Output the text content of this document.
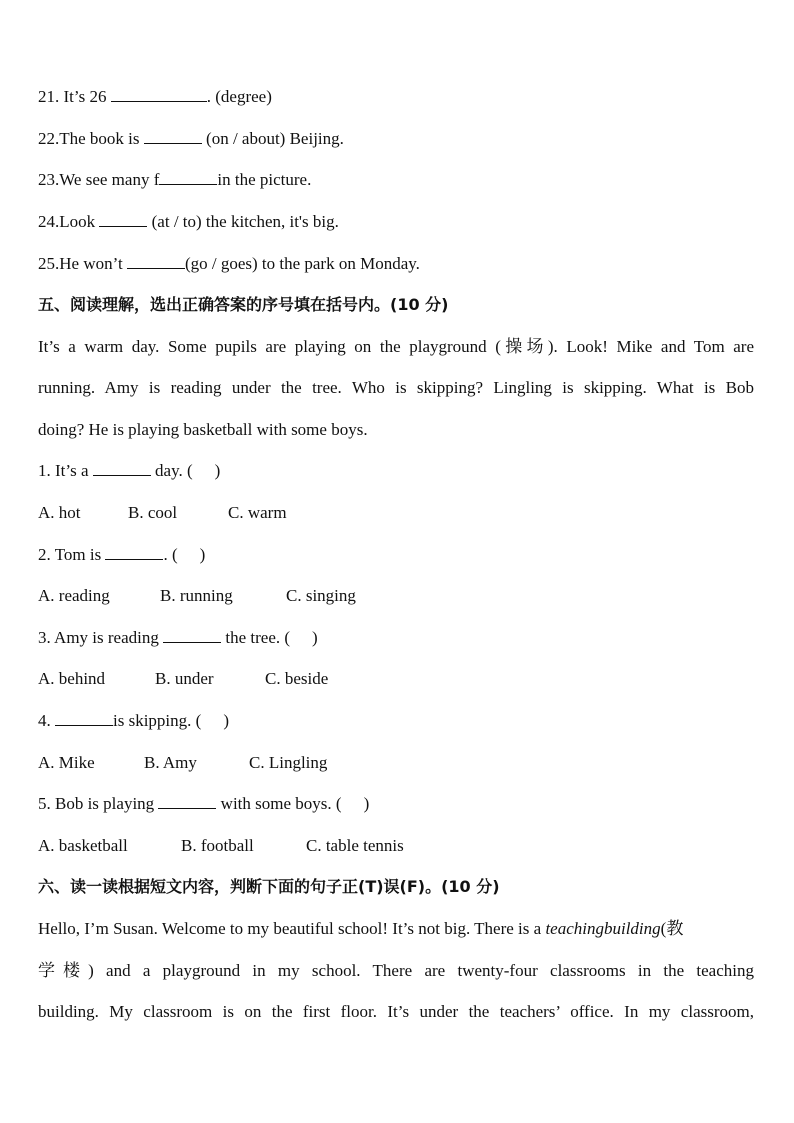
21. It’s 26	. (degree)
22.The book is	(on / about) Beijing.
23.We see many f	in the picture.
24.Look	(at / to) the kitchen, it's big.
25.He won’t	(go / goes) to the park on Monday.
五、阅读理解，选出正确答案的序号填在括号内。(10 分)
It’s a warm day. Some pupils are playing on the playground (操场). Look! Mike and Tom are
running. Amy is reading under the tree. Who is skipping? Lingling is skipping. What is Bob
doing? He is playing basketball with some boys.
1. It’s a	day. ( )
A. hot	B. cool	C. warm
2. Tom is	. ( )
A. reading	B. running	C. singing
3. Amy is reading	the tree. ( )
A. behind	B. under	C. beside
4.	is skipping. ( )
A. Mike	B. Amy	C. Lingling
5. Bob is playing	with some boys. ( )
A. basketball	B. football	C. table tennis
六、读一读根据短文内容，判断下面的句子正(T)误(F)。(10 分)
Hello, I’m Susan. Welcome to my beautiful school! It’s not big. There is a teachingbuilding(教
学楼) and a playground in my school. There are twenty-four classrooms in the teaching
building. My classroom is on the first floor. It’s under the teachers’ office. In my classroom,
